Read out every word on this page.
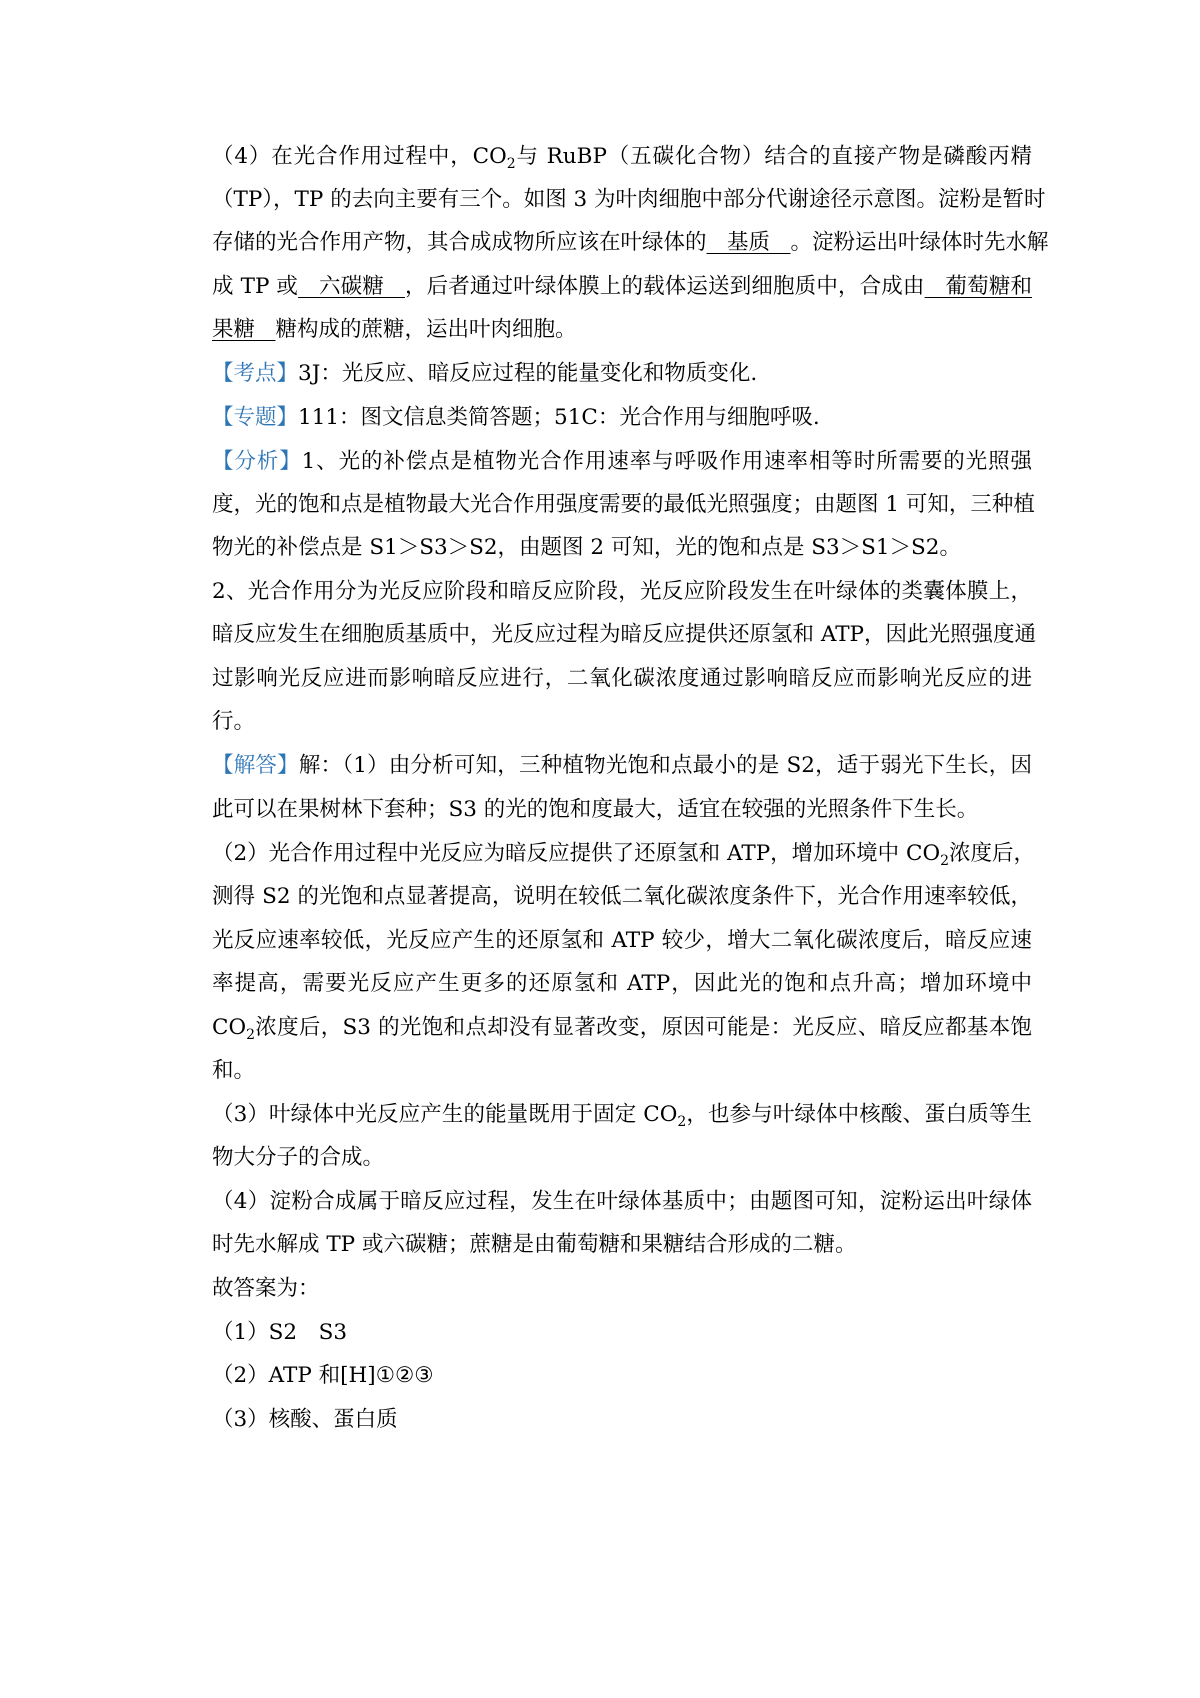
（4）在光合作用过程中，$CO_2$与 RuBP（五碳化合物）结合的直接产物是磷酸丙精
（TP），TP 的去向主要有三个。如图 3 为叶肉细胞中部分代谢途径示意图。淀粉是暂时
存储的光合作用产物，其合成成物所应该在叶绿体的   基质   。淀粉运出叶绿体时先水解
成 TP 或   六碳糖   ，后者通过叶绿体膜上的载体运送到细胞质中，合成由   葡萄糖和
果糖   糖构成的蔗糖，运出叶肉细胞。
【考点】3J：光反应、暗反应过程的能量变化和物质变化.
【专题】111：图文信息类简答题；51C：光合作用与细胞呼吸.
【分析】1、光的补偿点是植物光合作用速率与呼吸作用速率相等时所需要的光照强
度，光的饱和点是植物最大光合作用强度需要的最低光照强度；由题图 1 可知，三种植
物光的补偿点是 S1＞S3＞S2，由题图 2 可知，光的饱和点是 S3＞S1＞S2。
2、光合作用分为光反应阶段和暗反应阶段，光反应阶段发生在叶绿体的类囊体膜上，
暗反应发生在细胞质基质中，光反应过程为暗反应提供还原氢和 ATP，因此光照强度通
过影响光反应进而影响暗反应进行，二氧化碳浓度通过影响暗反应而影响光反应的进
行。
【解答】解：（1）由分析可知，三种植物光饱和点最小的是 S2，适于弱光下生长，因
此可以在果树林下套种；S3 的光的饱和度最大，适宜在较强的光照条件下生长。
（2）光合作用过程中光反应为暗反应提供了还原氢和 ATP，增加环境中 $CO_2$浓度后，
测得 S2 的光饱和点显著提高，说明在较低二氧化碳浓度条件下，光合作用速率较低，
光反应速率较低，光反应产生的还原氢和 ATP 较少，增大二氧化碳浓度后，暗反应速
率提高，需要光反应产生更多的还原氢和 ATP，因此光的饱和点升高；增加环境中
$CO_2$浓度后，S3 的光饱和点却没有显著改变，原因可能是：光反应、暗反应都基本饱
和。
（3）叶绿体中光反应产生的能量既用于固定 $CO_2$，也参与叶绿体中核酸、蛋白质等生
物大分子的合成。
（4）淀粉合成属于暗反应过程，发生在叶绿体基质中；由题图可知，淀粉运出叶绿体
时先水解成 TP 或六碳糖；蔗糖是由葡萄糖和果糖结合形成的二糖。
故答案为：
（1）S2　S3
（2）ATP 和[H]①②③
（3）核酸、蛋白质
